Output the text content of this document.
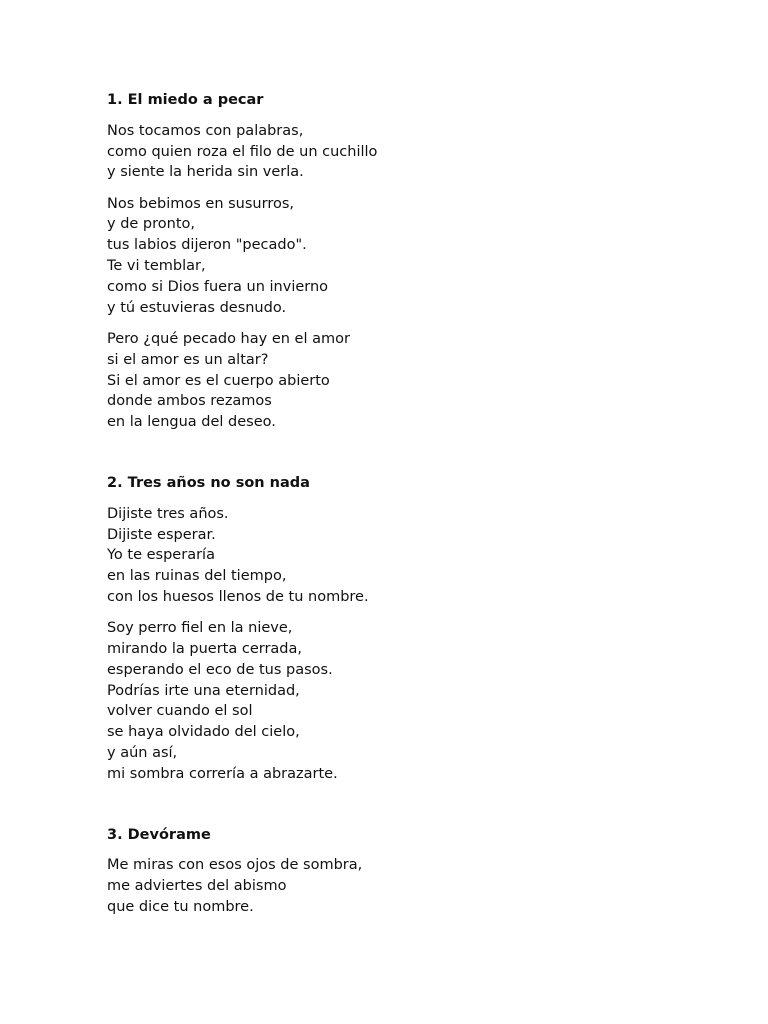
1. El miedo a pecar
Nos tocamos con palabras,
como quien roza el filo de un cuchillo
y siente la herida sin verla.
Nos bebimos en susurros,
y de pronto,
tus labios dijeron "pecado".
Te vi temblar,
como si Dios fuera un invierno
y tú estuvieras desnudo.
Pero ¿qué pecado hay en el amor
si el amor es un altar?
Si el amor es el cuerpo abierto
donde ambos rezamos
en la lengua del deseo.
2. Tres años no son nada
Dijiste tres años.
Dijiste esperar.
Yo te esperaría
en las ruinas del tiempo,
con los huesos llenos de tu nombre.
Soy perro fiel en la nieve,
mirando la puerta cerrada,
esperando el eco de tus pasos.
Podrías irte una eternidad,
volver cuando el sol
se haya olvidado del cielo,
y aún así,
mi sombra correría a abrazarte.
3. Devórame
Me miras con esos ojos de sombra,
me adviertes del abismo
que dice tu nombre.
